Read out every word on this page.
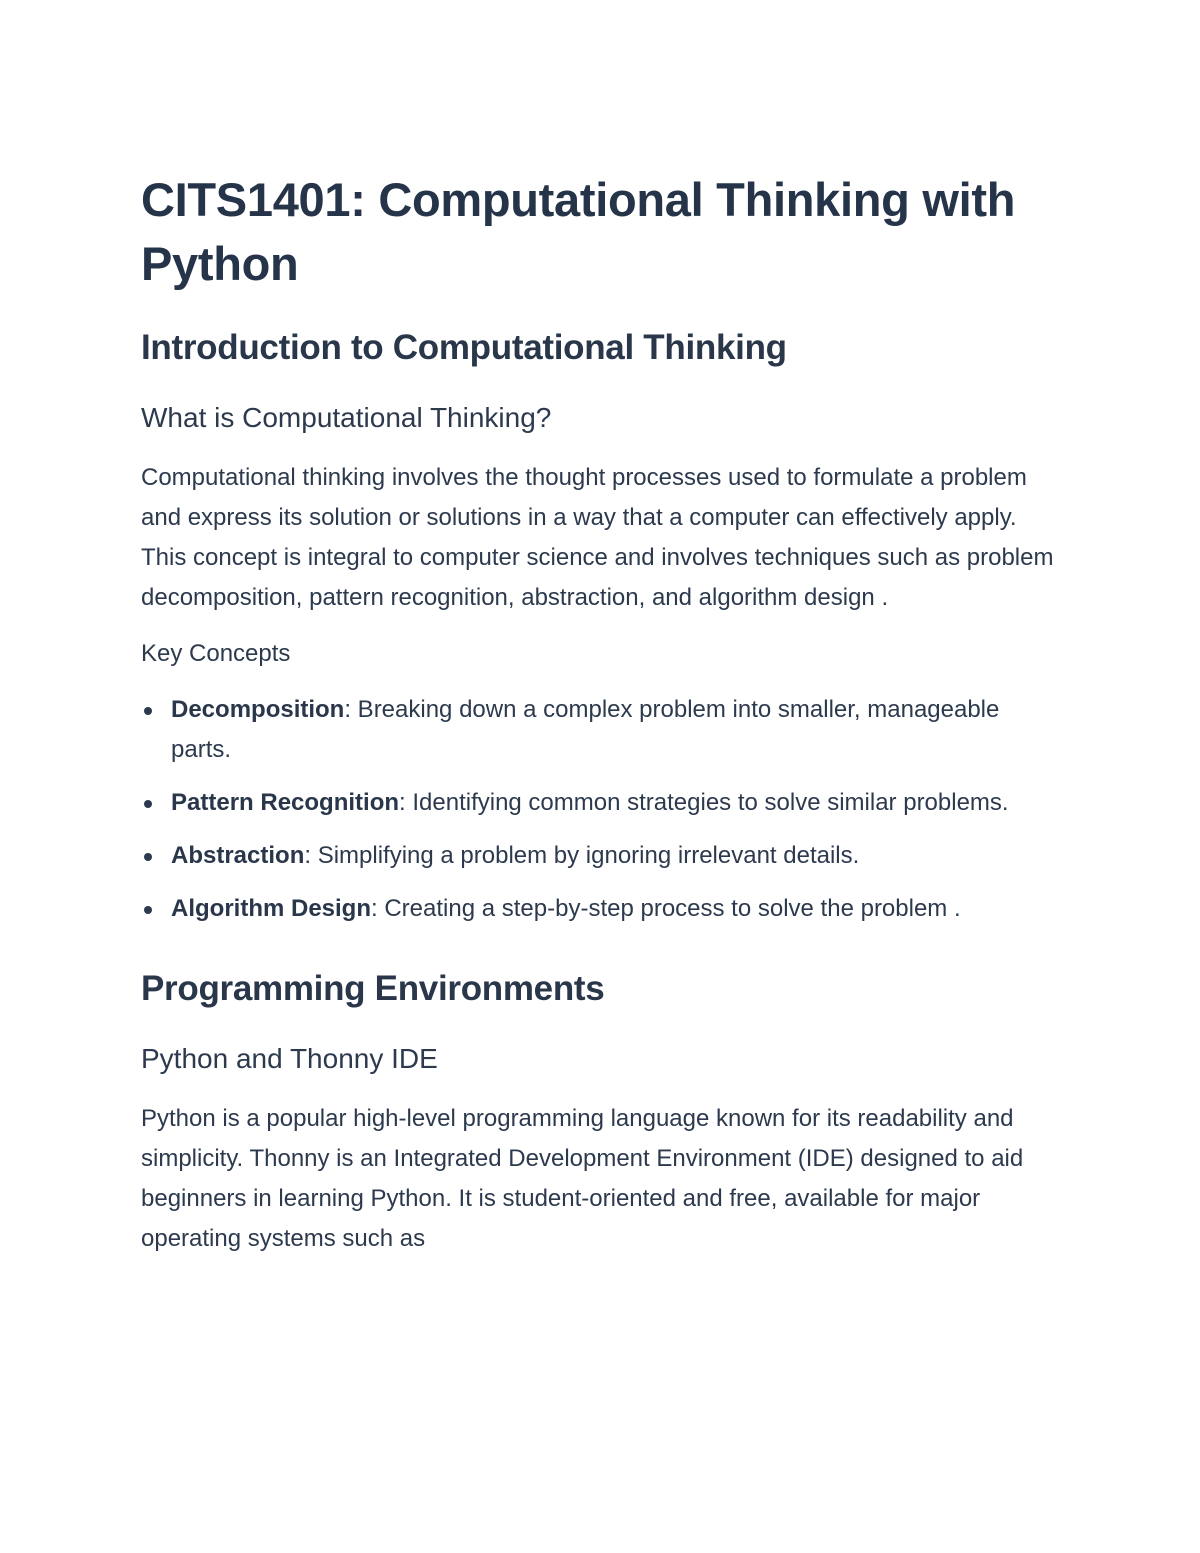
CITS1401: Computational Thinking with Python
Introduction to Computational Thinking
What is Computational Thinking?

Computational thinking involves the thought processes used to formulate a problem and express its solution or solutions in a way that a computer can effectively apply. This concept is integral to computer science and involves techniques such as problem decomposition, pattern recognition, abstraction, and algorithm design .

Key Concepts
Decomposition: Breaking down a complex problem into smaller, manageable parts.
Pattern Recognition: Identifying common strategies to solve similar problems.
Abstraction: Simplifying a problem by ignoring irrelevant details.
Algorithm Design: Creating a step-by-step process to solve the problem .
Programming Environments
Python and Thonny IDE

Python is a popular high-level programming language known for its readability and simplicity. Thonny is an Integrated Development Environment (IDE) designed to aid beginners in learning Python. It is student-oriented and free, available for major operating systems such as
